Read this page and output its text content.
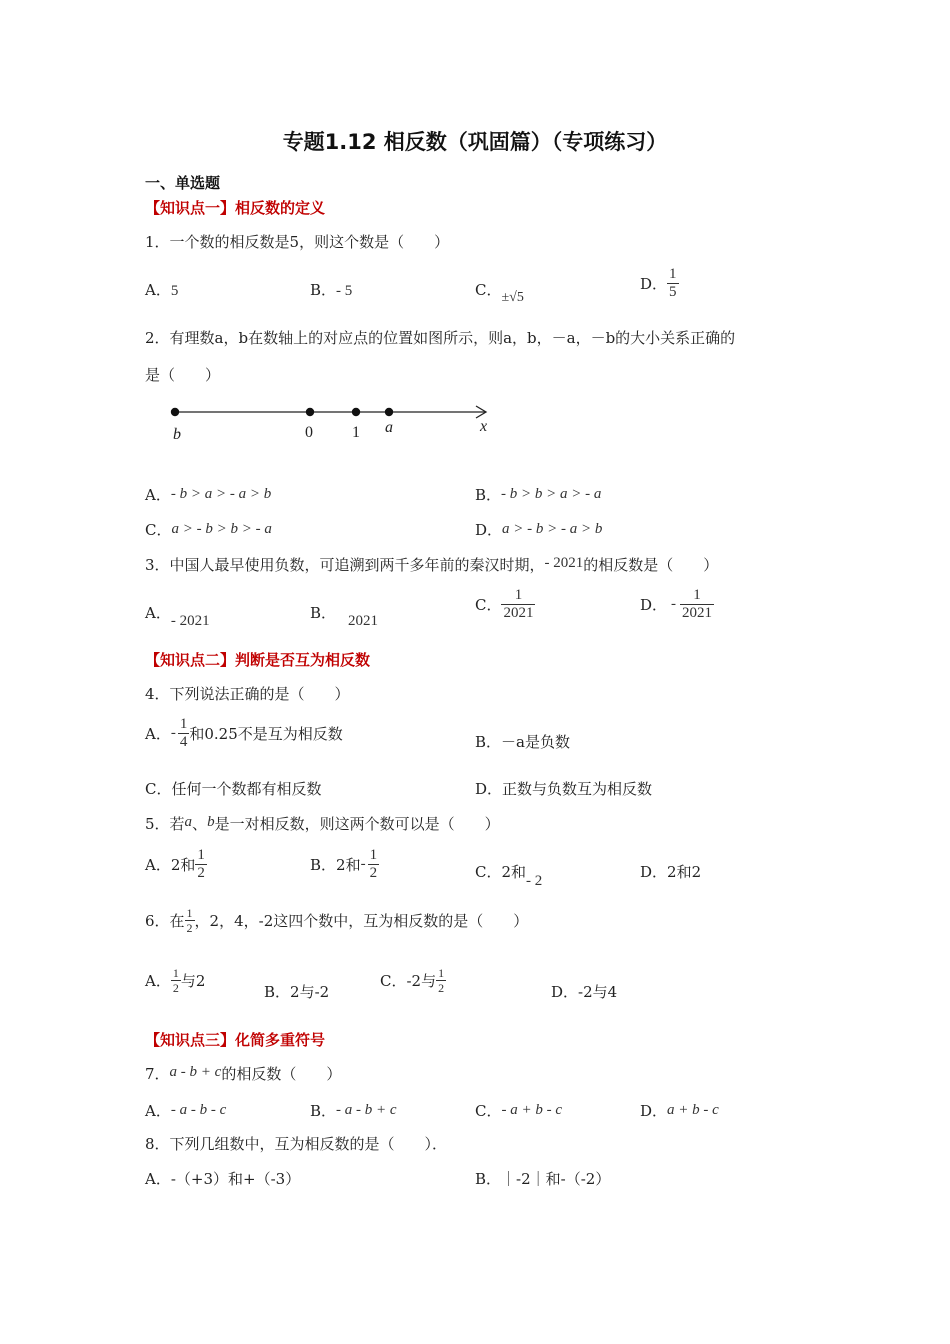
专题1.12 相反数（巩固篇）（专项练习）
一、单选题
【知识点一】相反数的定义
1．一个数的相反数是5，则这个数是（　　）
A．5	B．- 5	C．±√5
D． $\frac{1}{5}$
2．有理数a，b在数轴上的对应点的位置如图所示，则a，b，－a，－b的大小关系正确的
是（　　）
b	0 1 a	x
A．- b > a > - a > b	B．- b > b > a > - a
C．a > - b > b > - a	D．a > - b > - a > b
3．中国人最早使用负数，可追溯到两千多年前的秦汉时期，- 2021的相反数是（　　）
A．- 2021	B． 2021
C． $\frac{1}{2021}$	D． - $\frac{1}{2021}$
【知识点二】判断是否互为相反数
4．下列说法正确的是（　　）
A．- $\frac{1}{4}$ 和0.25不是互为相反数	B．－a是负数
C．任何一个数都有相反数	D．正数与负数互为相反数
5．若a、b是一对相反数，则这两个数可以是（　　）
A．2和 $\frac{1}{2}$	B．2和- $\frac{1}{2}$	C．2和- 2	D．2和2
6．在 $\frac{1}{2}$ ，2，4，-2这四个数中，互为相反数的是（　　）
A． $\frac{1}{2}$ 与2
B．2与-2
C．-2与 $\frac{1}{2}$	D．-2与4
【知识点三】化简多重符号
7．a - b + c的相反数（　　）
A．- a - b - c	B．- a - b + c	C．- a + b - c	D．a + b - c
8．下列几组数中，互为相反数的是（　　）．
A．-（+3）和+（-3）	B．｜-2｜和-（-2）
